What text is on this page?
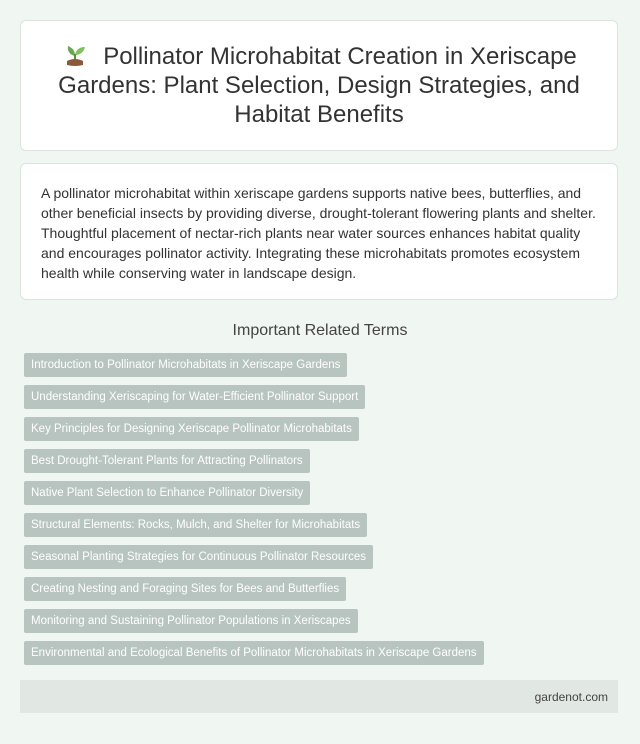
Pollinator Microhabitat Creation in Xeriscape Gardens: Plant Selection, Design Strategies, and Habitat Benefits

A pollinator microhabitat within xeriscape gardens supports native bees, butterflies, and other beneficial insects by providing diverse, drought-tolerant flowering plants and shelter. Thoughtful placement of nectar-rich plants near water sources enhances habitat quality and encourages pollinator activity. Integrating these microhabitats promotes ecosystem health while conserving water in landscape design.

Important Related Terms
Introduction to Pollinator Microhabitats in Xeriscape Gardens
Understanding Xeriscaping for Water-Efficient Pollinator Support
Key Principles for Designing Xeriscape Pollinator Microhabitats
Best Drought-Tolerant Plants for Attracting Pollinators
Native Plant Selection to Enhance Pollinator Diversity
Structural Elements: Rocks, Mulch, and Shelter for Microhabitats
Seasonal Planting Strategies for Continuous Pollinator Resources
Creating Nesting and Foraging Sites for Bees and Butterflies
Monitoring and Sustaining Pollinator Populations in Xeriscapes
Environmental and Ecological Benefits of Pollinator Microhabitats in Xeriscape Gardens
gardenot.com
